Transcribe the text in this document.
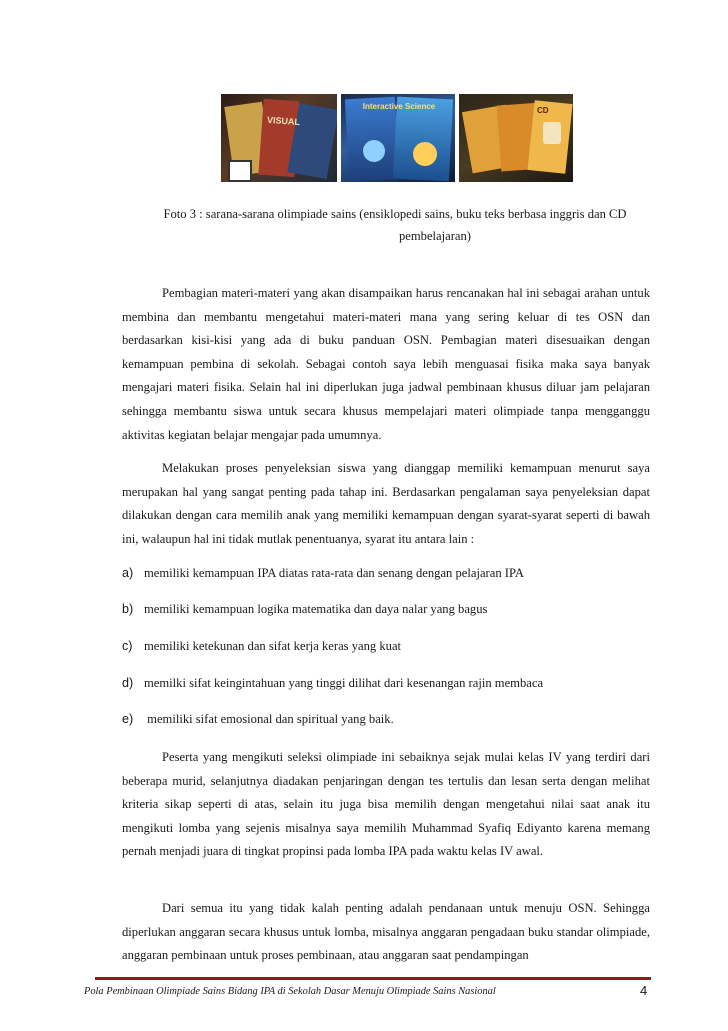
VISUAL
Interactive Science	CD
Foto 3 : sarana-sarana olimpiade sains (ensiklopedi sains, buku teks berbasa inggris dan CD
pembelajaran)

Pembagian materi-materi yang akan disampaikan harus rencanakan hal ini sebagai arahan untuk membina dan membantu mengetahui materi-materi mana yang sering keluar di tes OSN dan berdasarkan kisi-kisi yang ada di buku panduan OSN. Pembagian materi disesuaikan dengan kemampuan pembina di sekolah. Sebagai contoh saya lebih menguasai fisika maka saya banyak mengajari materi fisika. Selain hal ini diperlukan juga jadwal pembinaan khusus diluar jam pelajaran sehingga membantu siswa untuk secara khusus mempelajari materi olimpiade tanpa mengganggu aktivitas kegiatan belajar mengajar pada umumnya.

Melakukan proses penyeleksian siswa yang dianggap memiliki kemampuan menurut saya merupakan hal yang sangat penting pada tahap ini. Berdasarkan pengalaman saya penyeleksian dapat dilakukan dengan cara memilih anak yang memiliki kemampuan dengan syarat-syarat seperti di bawah ini, walaupun hal ini tidak mutlak penentuanya, syarat itu antara lain :

a) memiliki kemampuan IPA diatas rata-rata dan senang dengan pelajaran IPA
b) memiliki kemampuan logika matematika dan daya nalar yang bagus
c) memiliki ketekunan dan sifat kerja keras yang kuat
d) memilki sifat keingintahuan yang tinggi dilihat dari kesenangan rajin membaca
e) memiliki sifat emosional dan spiritual yang baik.

Peserta yang mengikuti seleksi olimpiade ini sebaiknya sejak mulai kelas IV yang terdiri dari beberapa murid, selanjutnya diadakan penjaringan dengan tes tertulis dan lesan serta dengan melihat kriteria sikap seperti di atas, selain itu juga bisa memilih dengan mengetahui nilai saat anak itu mengikuti lomba yang sejenis misalnya saya memilih Muhammad Syafiq Ediyanto karena memang pernah menjadi juara di tingkat propinsi pada lomba IPA pada waktu kelas IV awal.

Dari semua itu yang tidak kalah penting adalah pendanaan untuk menuju OSN. Sehingga diperlukan anggaran secara khusus untuk lomba, misalnya anggaran pengadaan buku standar olimpiade, anggaran pembinaan untuk proses pembinaan, atau anggaran saat pendampingan

Pola Pembinaan Olimpiade Sains Bidang IPA di Sekolah Dasar Menuju Olimpiade Sains Nasional	4
